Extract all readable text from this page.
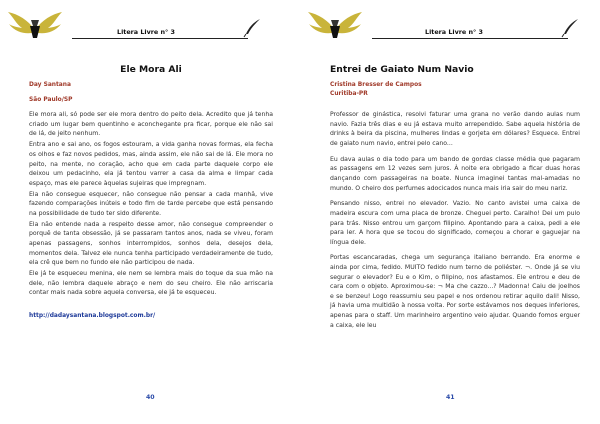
Litera Livre n° 3
Ele Mora Ali
Day Santana
São Paulo/SP

Ele mora ali, só pode ser ele mora dentro do peito dela. Acredito que já tenha criado um lugar bem quentinho e aconchegante pra ficar, porque ele não sai de lá, de jeito nenhum.

Entra ano e sai ano, os fogos estouram, a vida ganha novas formas, ela fecha os olhos e faz novos pedidos, mas, ainda assim, ele não sai de lá. Ele mora no peito, na mente, no coração, acho que em cada parte daquele corpo ele deixou um pedacinho, ela já tentou varrer a casa da alma e limpar cada espaço, mas ele parece àquelas sujeiras que impregnam.

Ela não consegue esquecer, não consegue não pensar a cada manhã, vive fazendo comparações inúteis e todo fim de tarde percebe que está pensando na possibilidade de tudo ter sido diferente.

Ela não entende nada a respeito desse amor, não consegue compreender o porquê de tanta obsessão, já se passaram tantos anos, nada se viveu, foram apenas passagens, sonhos interrompidos, sonhos dela, desejos dela, momentos dela. Talvez ele nunca tenha participado verdadeiramente de tudo, ela crê que bem no fundo ele não participou de nada.

Ele já te esqueceu menina, ele nem se lembra mais do toque da sua mão na dele, não lembra daquele abraço e nem do seu cheiro. Ele não arriscaria contar mais nada sobre aquela conversa, ele já te esqueceu.

http://dadaysantana.blogspot.com.br/
40
Litera Livre n° 3
Entrei de Gaiato Num Navio
Cristina Bresser de Campos
Curitiba-PR

Professor de ginástica, resolvi faturar uma grana no verão dando aulas num navio. Fazia três dias e eu já estava muito arrependido. Sabe aquela história de drinks à beira da piscina, mulheres lindas e gorjeta em dólares? Esquece. Entrei de gaiato num navio, entrei pelo cano...

Eu dava aulas o dia todo para um bando de gordas classe média que pagaram as passagens em 12 vezes sem juros. À noite era obrigado a ficar duas horas dançando com passageiras na boate. Nunca imaginei tantas mal-amadas no mundo. O cheiro dos perfumes adocicados nunca mais iria sair do meu nariz.

Pensando nisso, entrei no elevador. Vazio. No canto avistei uma caixa de madeira escura com uma placa de bronze. Cheguei perto. Caralho! Dei um pulo para trás. Nisso entrou um garçom filipino. Apontando para a caixa, pedi a ele para ler. A hora que se tocou do significado, começou a chorar e gaguejar na língua dele.

Portas escancaradas, chega um segurança italiano berrando. Era enorme e ainda por cima, fedido. MUITO fedido num terno de poliéster. ¬. Onde já se viu segurar o elevador? Eu e o Kim, o filipino, nos afastamos. Ele entrou e deu de cara com o objeto. Aproximou-se: ¬ Ma che cazzo...? Madonna! Caiu de joelhos e se benzeu! Logo reassumiu seu papel e nos ordenou retirar aquilo dali! Nisso, já havia uma multidão à nossa volta. Por sorte estávamos nos deques inferiores, apenas para o staff. Um marinheiro argentino veio ajudar. Quando fomos erguer a caixa, ele leu

41
